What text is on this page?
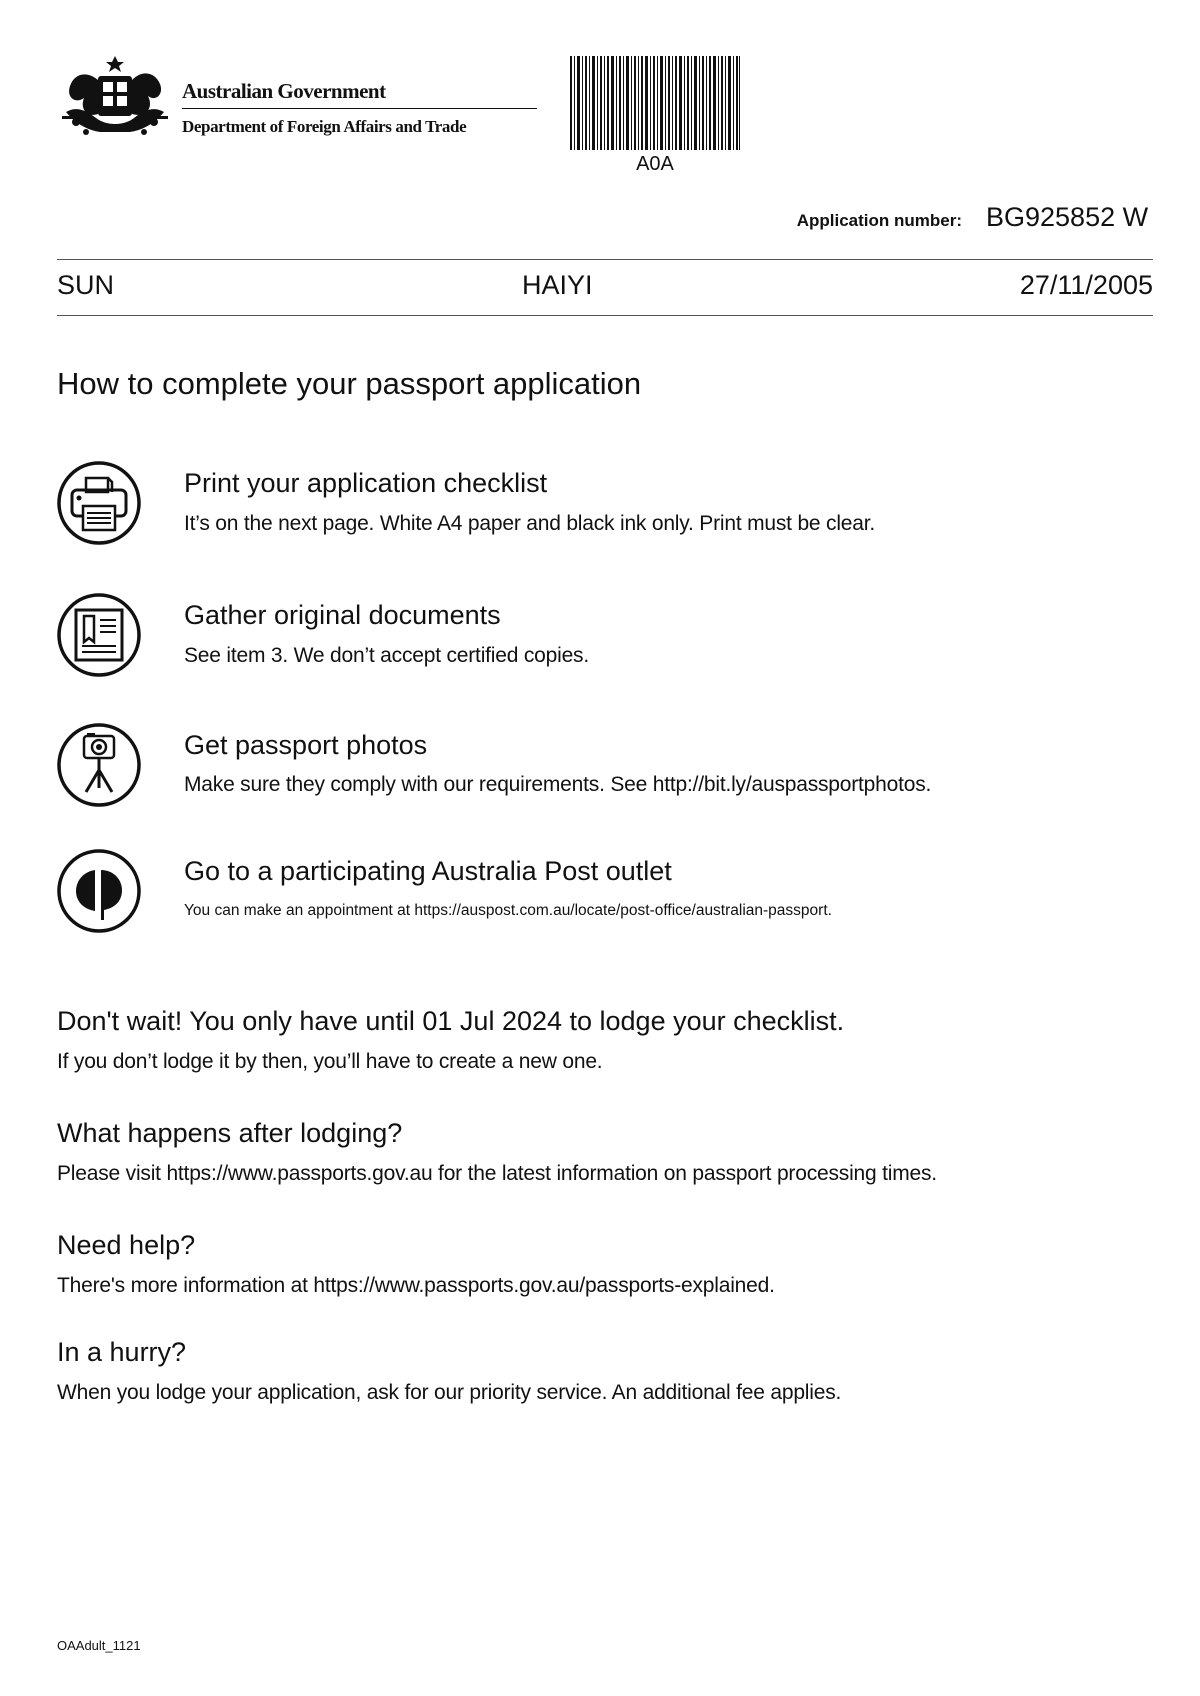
Australian Government
Department of Foreign Affairs and Trade
A0A
Application number: BG925852 W
SUN	HAIYI	27/11/2005
How to complete your passport application
Print your application checklist
It’s on the next page. White A4 paper and black ink only. Print must be clear.
Gather original documents
See item 3. We don’t accept certified copies.
Get passport photos
Make sure they comply with our requirements. See http://bit.ly/auspassportphotos.
Go to a participating Australia Post outlet
You can make an appointment at https://auspost.com.au/locate/post-office/australian-passport.
Don't wait! You only have until 01 Jul 2024 to lodge your checklist.
If you don’t lodge it by then, you’ll have to create a new one.
What happens after lodging?
Please visit https://www.passports.gov.au for the latest information on passport processing times.
Need help?
There's more information at https://www.passports.gov.au/passports-explained.
In a hurry?
When you lodge your application, ask for our priority service. An additional fee applies.
OAAdult_1121
